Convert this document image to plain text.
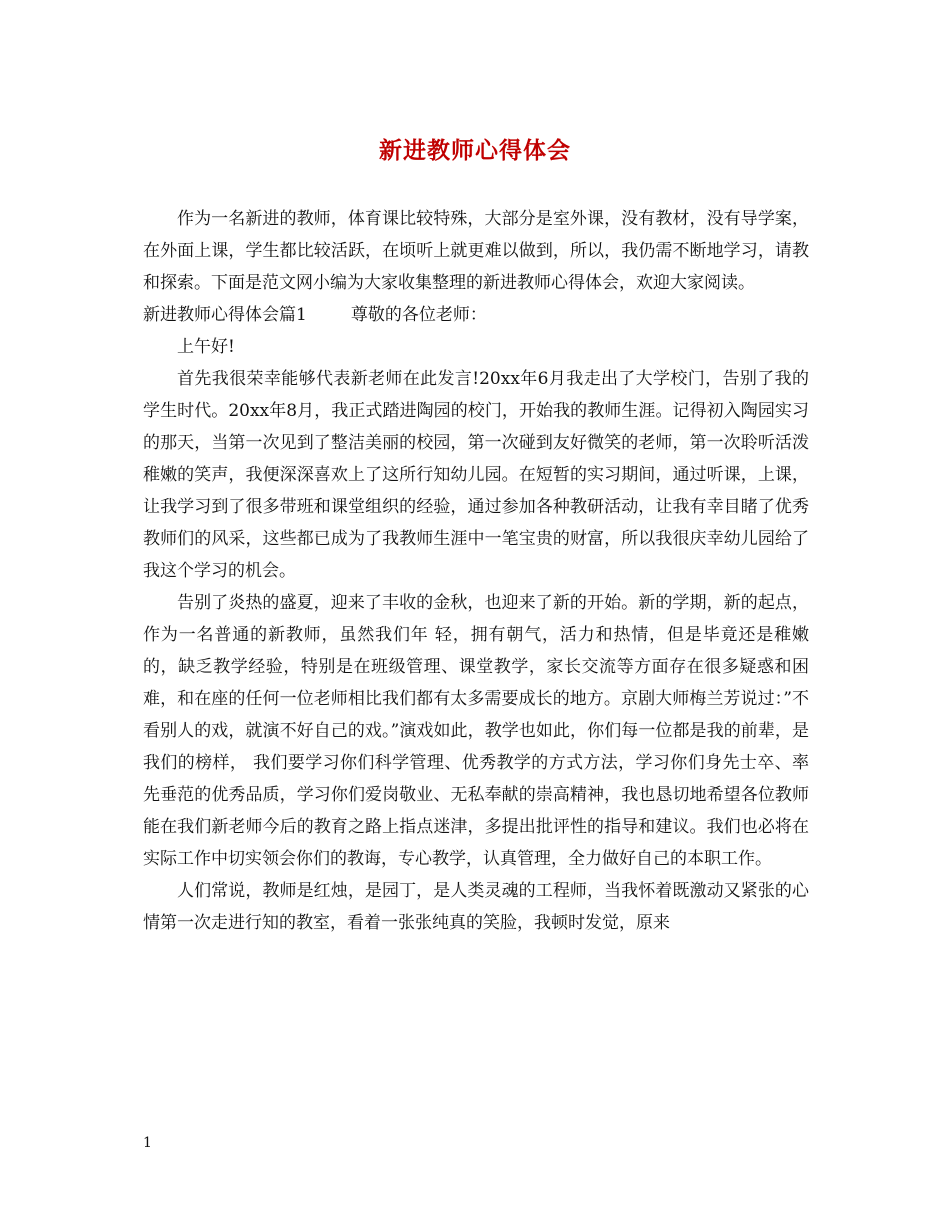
新进教师心得体会

作为一名新进的教师，体育课比较特殊，大部分是室外课，没有教材，没有导学案，在外面上课，学生都比较活跃，在顷听上就更难以做到，所以，我仍需不断地学习，请教和探索。下面是范文网小编为大家收集整理的新进教师心得体会，欢迎大家阅读。

新进教师心得体会篇1	尊敬的各位老师：

上午好!

首先我很荣幸能够代表新老师在此发言!20xx年6月我走出了大学校门，告别了我的学生时代。20xx年8月，我正式踏进陶园的校门，开始我的教师生涯。记得初入陶园实习的那天，当第一次见到了整洁美丽的校园，第一次碰到友好微笑的老师，第一次聆听活泼稚嫩的笑声，我便深深喜欢上了这所行知幼儿园。在短暂的实习期间，通过听课，上课，让我学习到了很多带班和课堂组织的经验，通过参加各种教研活动，让我有幸目睹了优秀教师们的风采，这些都已成为了我教师生涯中一笔宝贵的财富，所以我很庆幸幼儿园给了我这个学习的机会。

告别了炎热的盛夏，迎来了丰收的金秋，也迎来了新的开始。新的学期，新的起点，作为一名普通的新教师，虽然我们年 轻，拥有朝气，活力和热情，但是毕竟还是稚嫩的，缺乏教学经验，特别是在班级管理、课堂教学，家长交流等方面存在很多疑惑和困难，和在座的任何一位老师相比我们都有太多需要成长的地方。京剧大师梅兰芳说过：”不看别人的戏，就演不好自己的戏。”演戏如此，教学也如此，你们每一位都是我的前辈，是我们的榜样， 我们要学习你们科学管理、优秀教学的方式方法，学习你们身先士卒、率先垂范的优秀品质，学习你们爱岗敬业、无私奉献的崇高精神，我也恳切地希望各位教师能在我们新老师今后的教育之路上指点迷津，多提出批评性的指导和建议。我们也必将在实际工作中切实领会你们的教诲，专心教学，认真管理，全力做好自己的本职工作。

人们常说，教师是红烛，是园丁，是人类灵魂的工程师，当我怀着既激动又紧张的心情第一次走进行知的教室，看着一张张纯真的笑脸，我顿时发觉，原来

1
